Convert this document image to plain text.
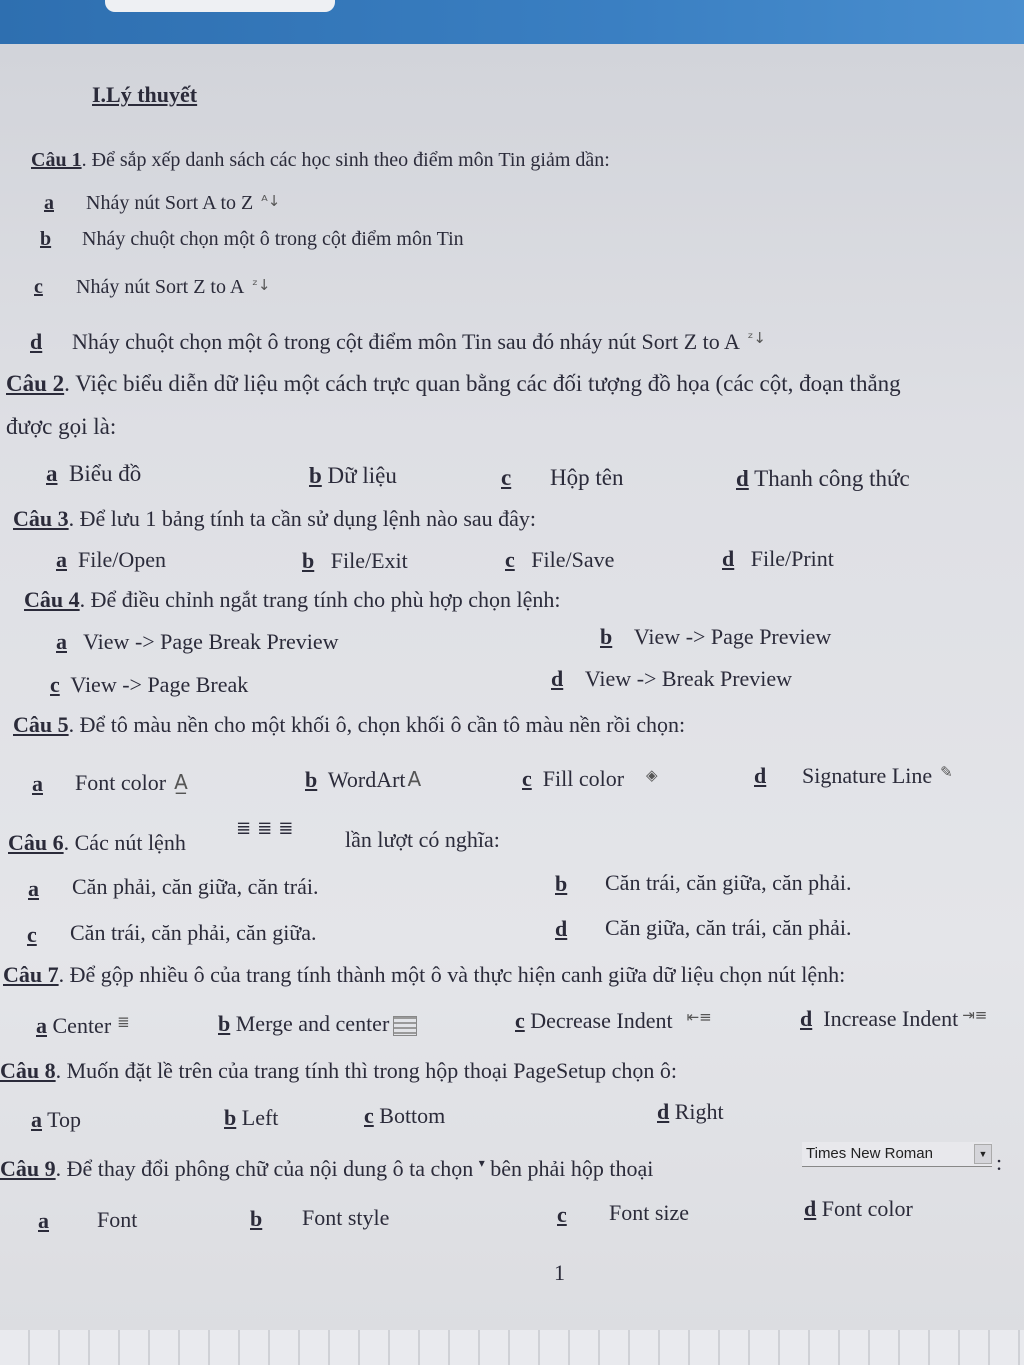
I.Lý thuyết
Câu 1. Để sắp xếp danh sách các học sinh theo điểm môn Tin giảm dần:
a Nháy nút Sort A to Z ᴬ↓
b Nháy chuột chọn một ô trong cột điểm môn Tin
c Nháy nút Sort Z to A ᶻ↓
d Nháy chuột chọn một ô trong cột điểm môn Tin sau đó nháy nút Sort Z to A ᶻ↓
Câu 2. Việc biểu diễn dữ liệu một cách trực quan bằng các đối tượng đồ họa (các cột, đoạn thẳng
được gọi là:
a Biểu đồ	b Dữ liệu	c Hộp tên	d Thanh công thức
Câu 3. Để lưu 1 bảng tính ta cần sử dụng lệnh nào sau đây:
a File/Open	b File/Exit	c File/Save	d File/Print
Câu 4. Để điều chỉnh ngắt trang tính cho phù hợp chọn lệnh:
a View -> Page Break Preview	b View -> Page Preview
c View -> Page Break	d View -> Break Preview
Câu 5. Để tô màu nền cho một khối ô, chọn khối ô cần tô màu nền rồi chọn:
a Font color A̲	b WordArt A	c Fill color ◈	d Signature Line ✎
Câu 6. Các nút lệnh
≣≣≣ lần lượt có nghĩa:
a Căn phải, căn giữa, căn trái.	b Căn trái, căn giữa, căn phải.
c Căn trái, căn phải, căn giữa.	d Căn giữa, căn trái, căn phải.
Câu 7. Để gộp nhiều ô của trang tính thành một ô và thực hiện canh giữa dữ liệu chọn nút lệnh:
a Center ≣	b Merge and center	c Decrease Indent ⇤≡	d Increase Indent ⇥≡
Câu 8. Muốn đặt lề trên của trang tính thì trong hộp thoại PageSetup chọn ô:
a Top	b Left	c Bottom	d Right
Câu 9. Để thay đổi phông chữ của nội dung ô ta chọn ▾ bên phải hộp thoại
Times New Roman	▼ :
a Font	b Font style	c Font size	d Font color
1
